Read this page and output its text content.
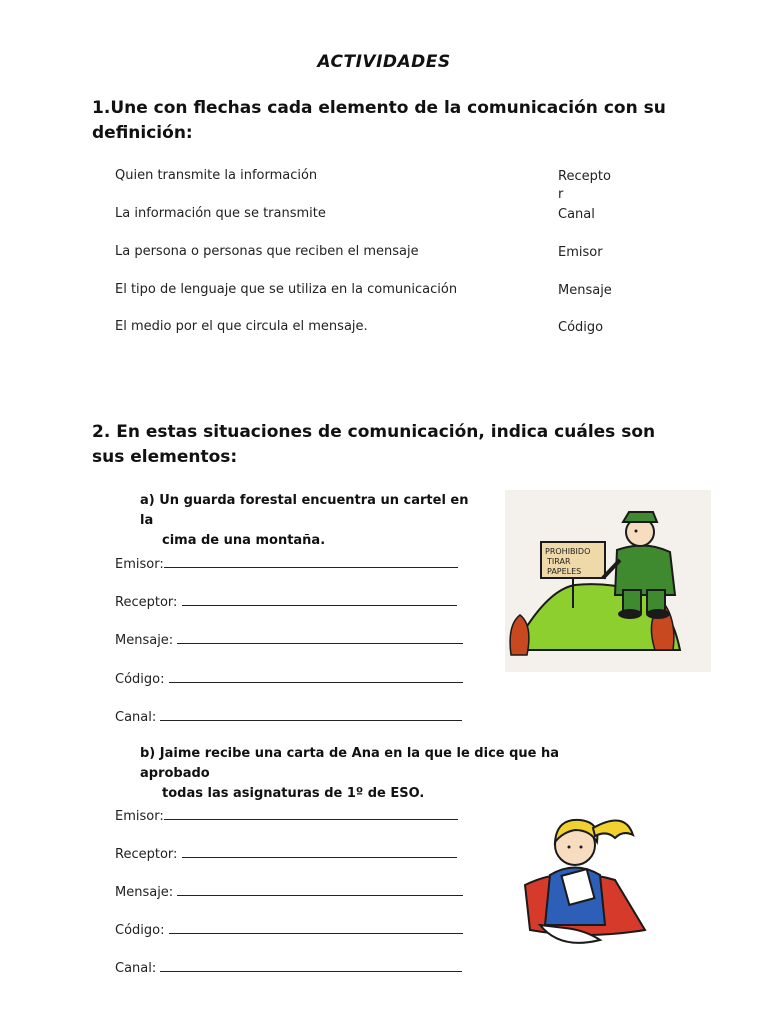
ACTIVIDADES
1.Une con flechas cada elemento de la comunicación con su definición:
Quien transmite la información
La información que se transmite
La persona o personas que reciben el mensaje
El tipo de lenguaje que se utiliza en la comunicación
El medio por el que circula el mensaje.
Receptor
Canal
Emisor
Mensaje
Código
2. En estas situaciones de comunicación, indica cuáles son sus elementos:
a) Un guarda forestal encuentra un cartel en la
cima de una montaña.
PROHIBIDO
TIRAR
PAPELES
Emisor:
Receptor:
Mensaje:
Código:
Canal:
b) Jaime recibe una carta de Ana en la que le dice que ha aprobado
todas las asignaturas de 1º de ESO.
Emisor:
Receptor:
Mensaje:
Código:
Canal:
